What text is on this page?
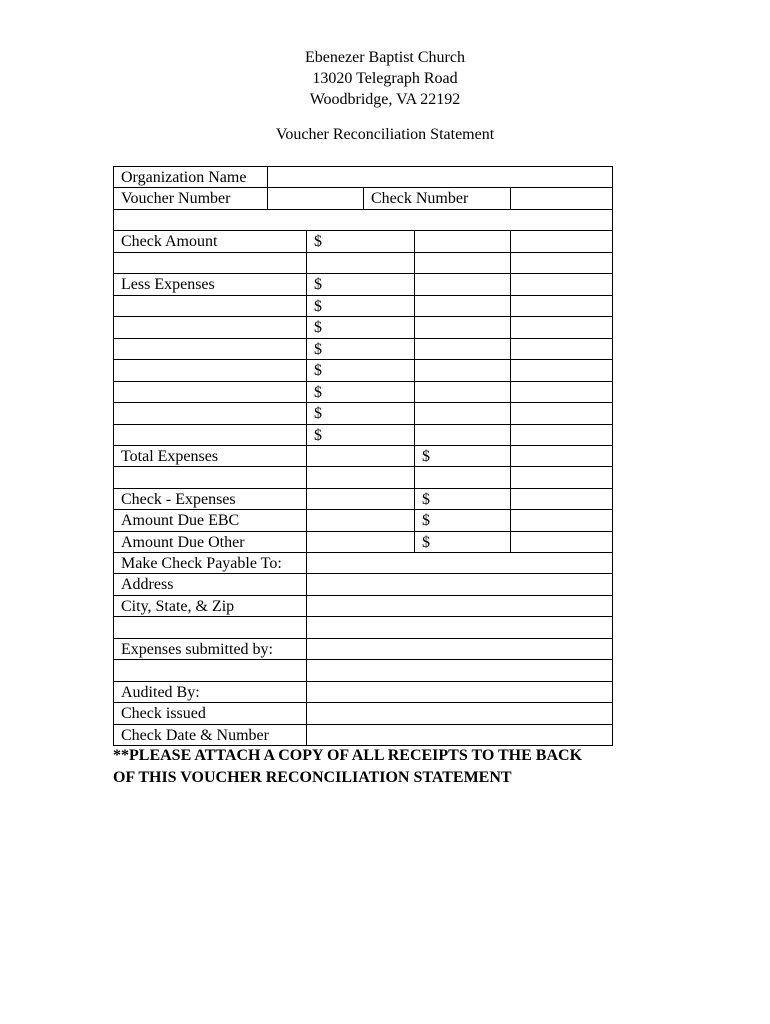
Ebenezer Baptist Church
13020 Telegraph Road
Woodbridge, VA 22192
Voucher Reconciliation Statement
Organization Name
Voucher Number	Check Number
Check Amount
Less Expenses
Total Expenses
Check - Expenses
Amount Due EBC
Amount Due Other
Make Check Payable To:
Address
City, State, & Zip
Expenses submitted by:
Audited By:
Check issued
Check Date & Number
$
$
$
$
$
$
$
$
$
$
$
$
$
**PLEASE ATTACH A COPY OF ALL RECEIPTS TO THE BACK
OF THIS VOUCHER RECONCILIATION STATEMENT
